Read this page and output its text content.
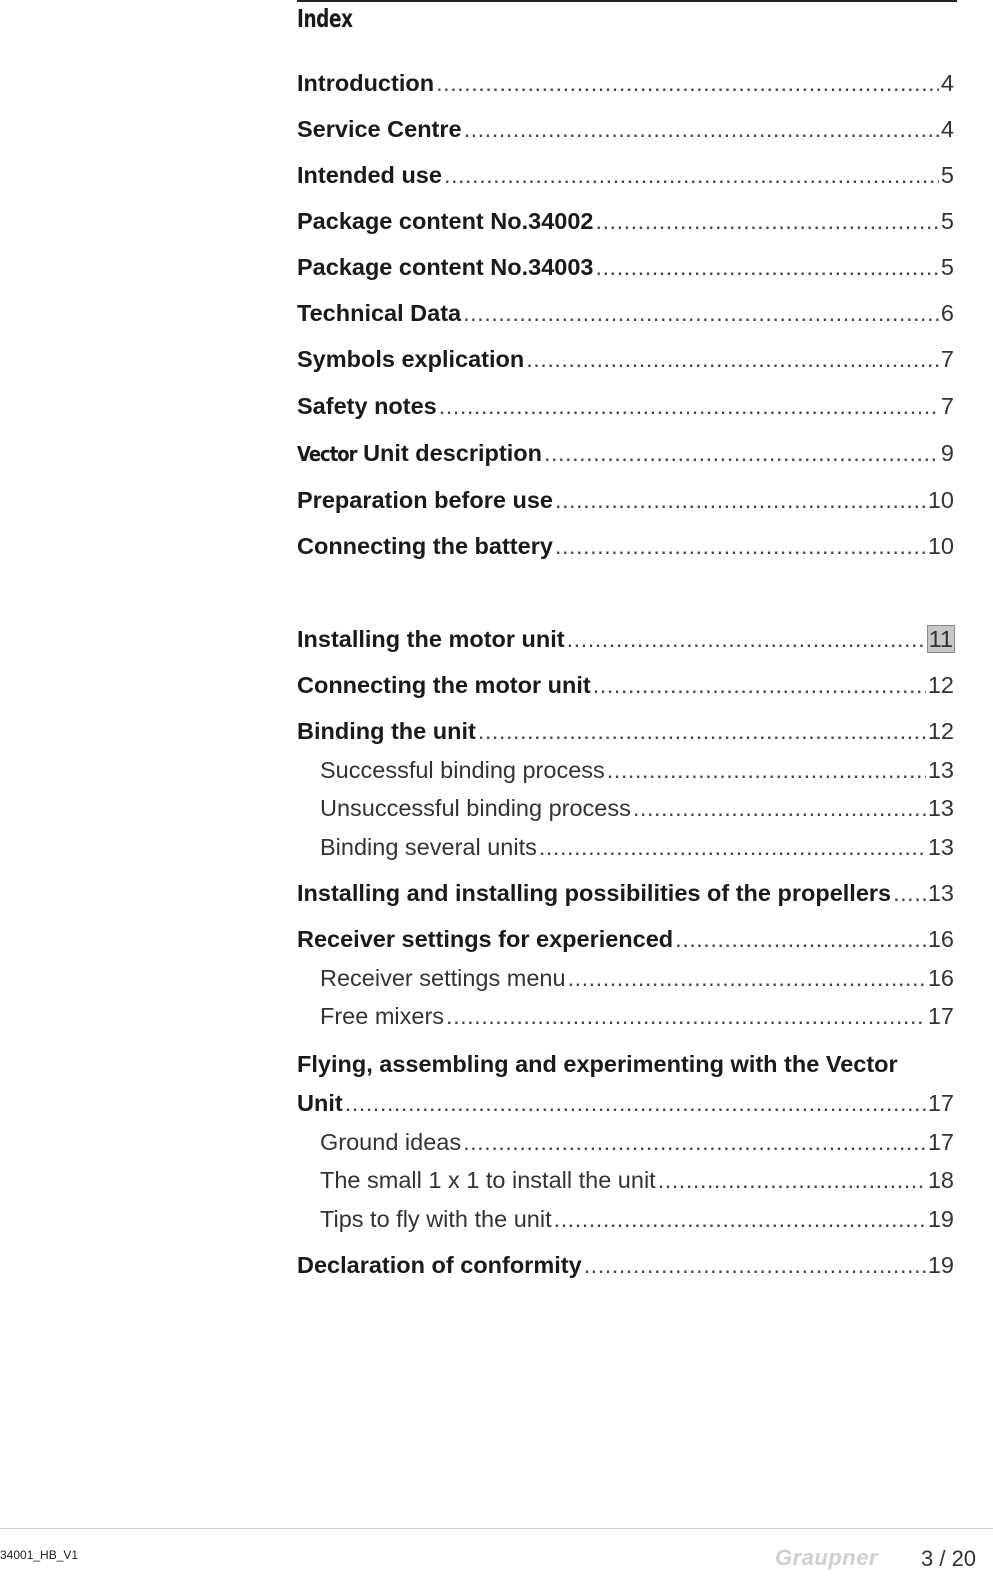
Index
Introduction .....	4
Service Centre .....	4
Intended use .....	5
Package content No.34002 .....	5
Package content No.34003 .....	5
Technical Data .....	6
Symbols explication .....	7
Safety notes .....	7
Vector Unit description .....	9
Preparation before use .....	10
Connecting the battery .....	10
Installing the motor unit .....	11
Connecting the motor unit .....	12
Binding the unit .....	12
Successful binding process .....	13
Unsuccessful binding process .....	13
Binding several units .....	13
Installing and installing possibilities of the propellers ..... 13
Receiver settings for experienced .....	16
Receiver settings menu .....	16
Free mixers .....	17
Flying, assembling and experimenting with the Vector
Unit .....	17
Ground ideas .....	17
The small 1 x 1 to install the unit .....	18
Tips to fly with the unit .....	19
Declaration of conformity .....	19
34001_HB_V1	Graupner 3 / 20
